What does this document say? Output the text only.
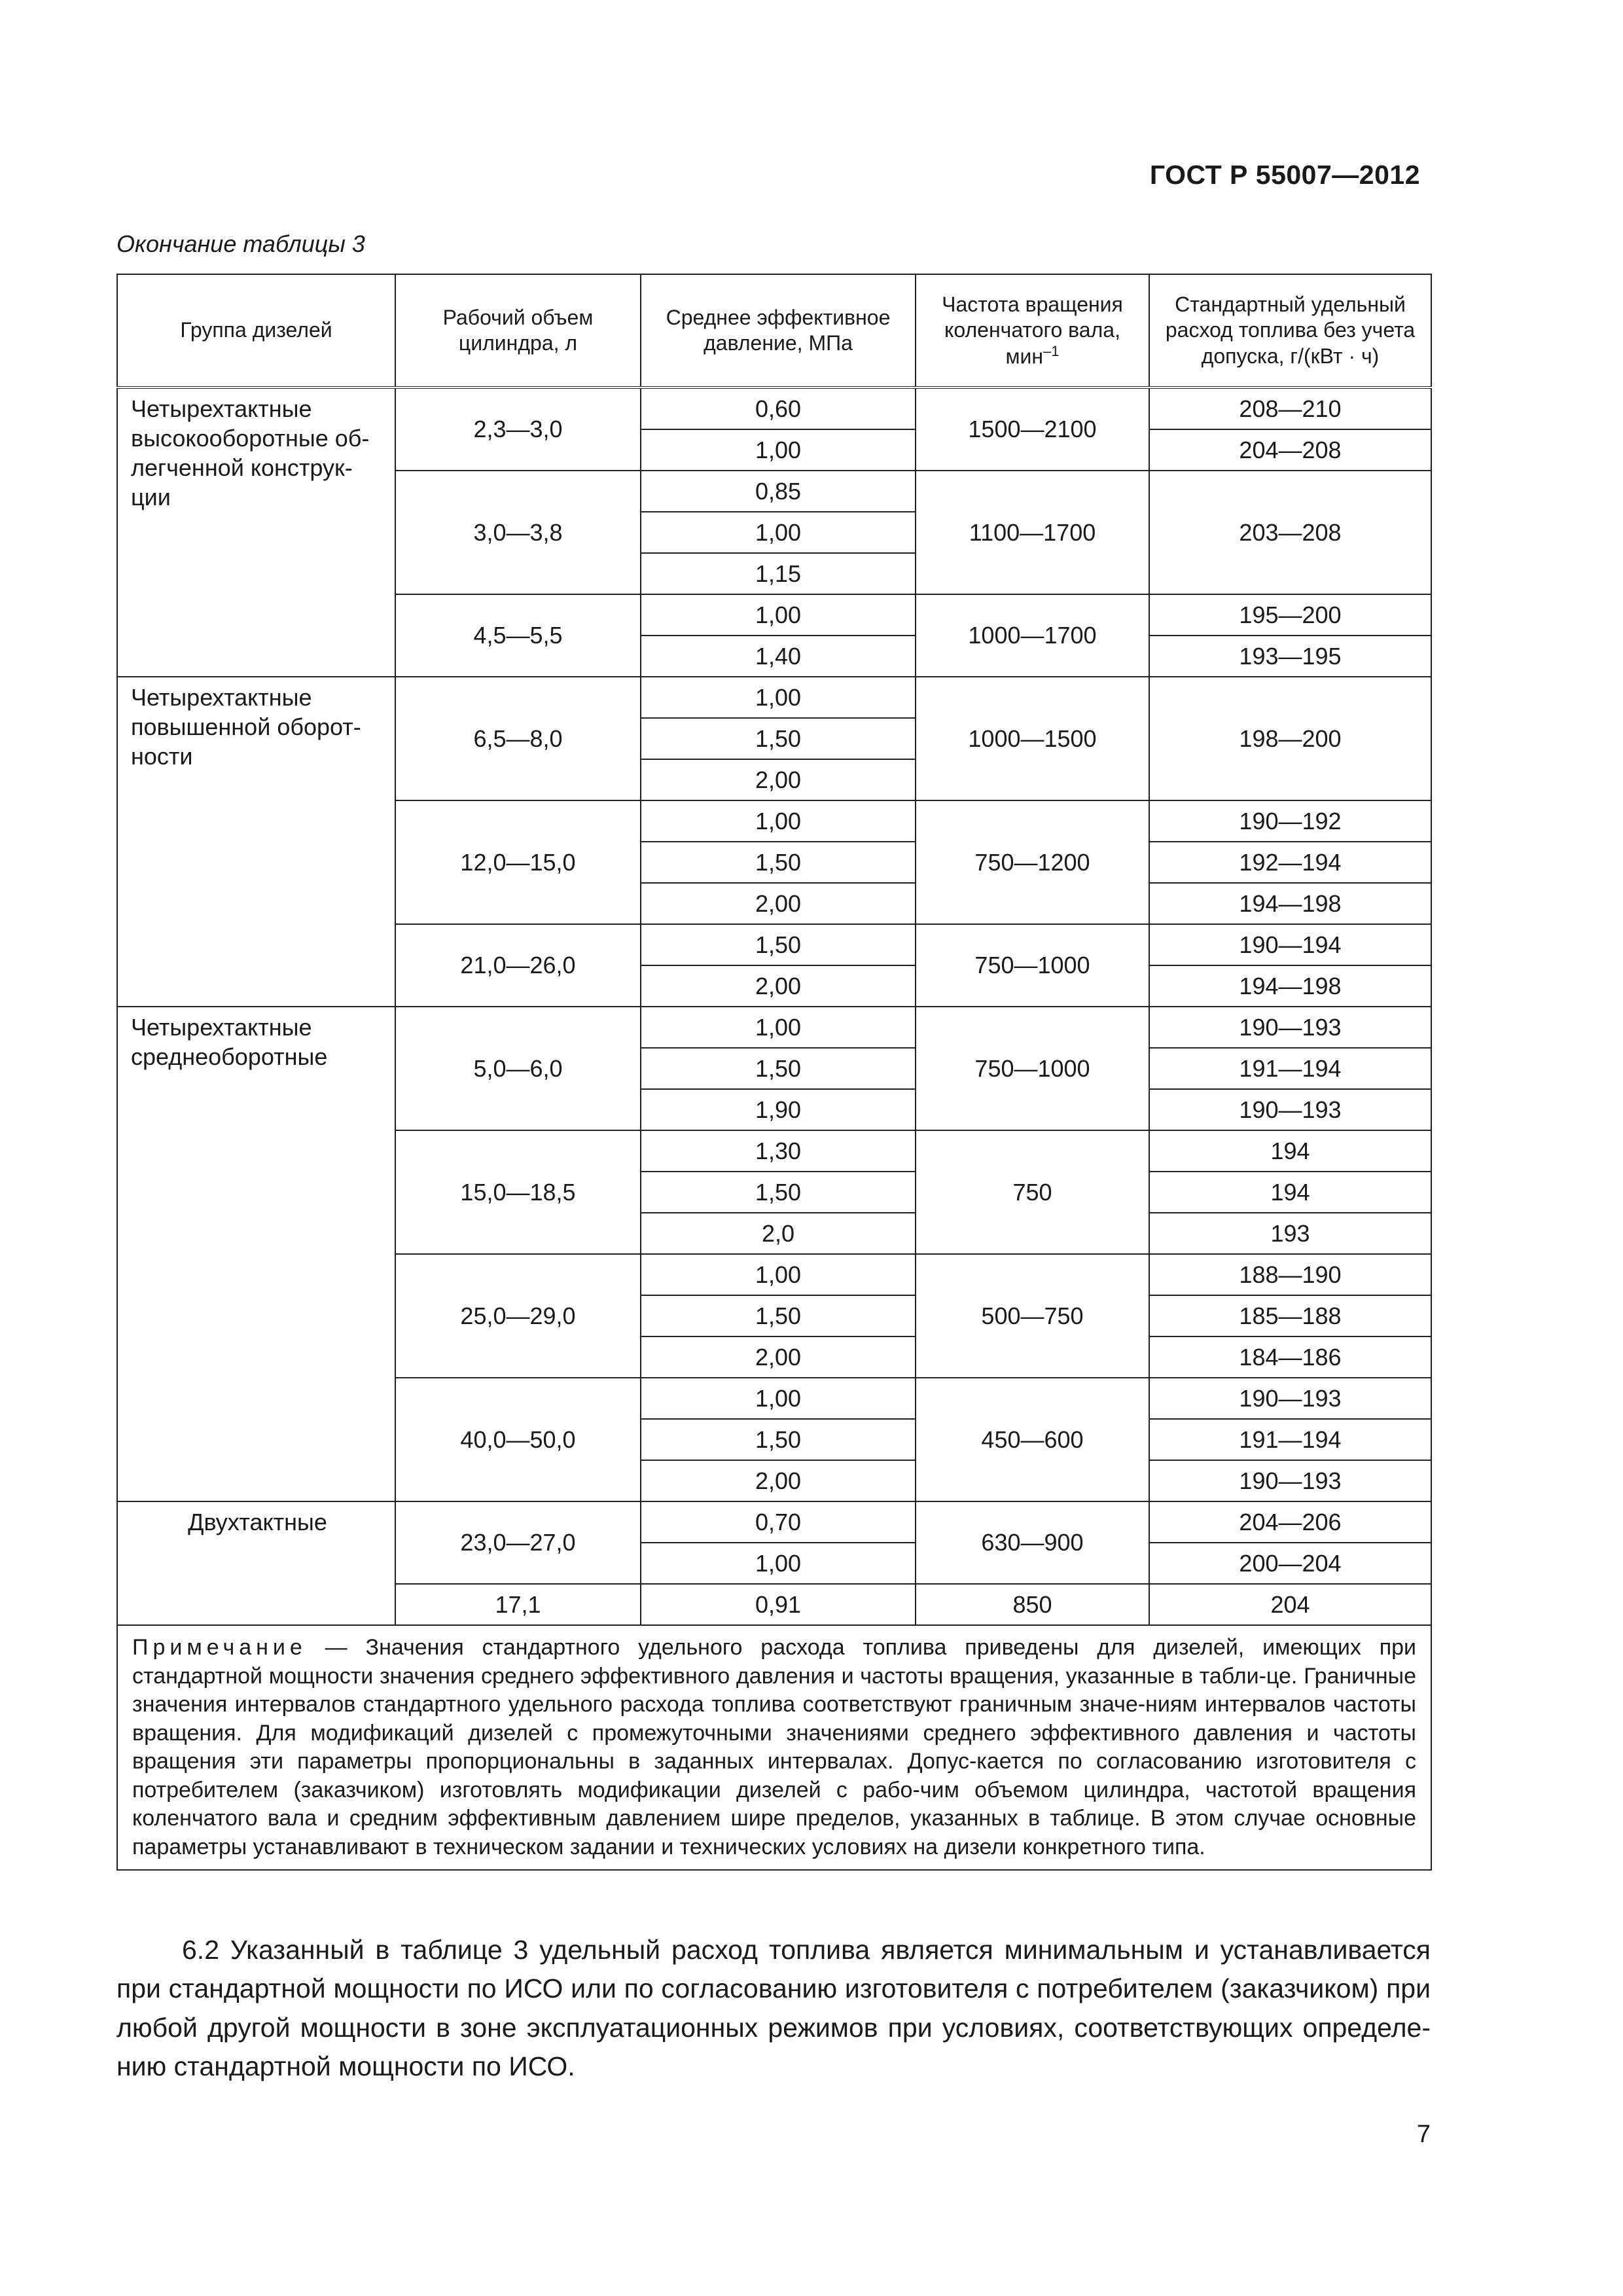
ГОСТ Р 55007—2012
Окончание таблицы 3
Группа дизелей	Рабочий объем цилиндра, л	Среднее эффективное давление, МПа	Частота вращения коленчатого вала, мин$^{-1}$	Стандартный удельный расход топлива без учета допуска, г/(кВт · ч)
Четырехтактные высокооборотные об-легченной конструк-ции	2,3—3,0	0,60	1500—2100	208—210
		1,00		204—208
	3,0—3,8	0,85	1100—1700	203—208
		1,00		
		1,15		
	4,5—5,5	1,00	1000—1700	195—200
		1,40		193—195
Четырехтактные повышенной оборот-ности	6,5—8,0	1,00	1000—1500	198—200
		1,50		
		2,00		
	12,0—15,0	1,00	750—1200	190—192
		1,50		192—194
		2,00		194—198
	21,0—26,0	1,50	750—1000	190—194
		2,00		194—198
Четырехтактные среднеоборотные	5,0—6,0	1,00	750—1000	190—193
		1,50		191—194
		1,90		190—193
	15,0—18,5	1,30	750	194
		1,50		194
		2,0		193
	25,0—29,0	1,00	500—750	188—190
		1,50		185—188
		2,00		184—186
	40,0—50,0	1,00	450—600	190—193
		1,50		191—194
		2,00		190—193
Двухтактные	23,0—27,0	0,70	630—900	204—206
		1,00		200—204
	17,1	0,91	850	204
Примечание — Значения стандартного удельного расхода топлива приведены для дизелей, имеющих при стандартной мощности значения среднего эффективного давления и частоты вращения, указанные в табли-це. Граничные значения интервалов стандартного удельного расхода топлива соответствуют граничным значе-ниям интервалов частоты вращения. Для модификаций дизелей с промежуточными значениями среднего эффективного давления и частоты вращения эти параметры пропорциональны в заданных интервалах. Допус-кается по согласованию изготовителя с потребителем (заказчиком) изготовлять модификации дизелей с рабо-чим объемом цилиндра, частотой вращения коленчатого вала и средним эффективным давлением шире пределов, указанных в таблице. В этом случае основные параметры устанавливают в техническом задании и технических условиях на дизели конкретного типа.				
6.2 Указанный в таблице 3 удельный расход топлива является минимальным и устанавливается при стандартной мощности по ИСО или по согласованию изготовителя с потребителем (заказчиком) при любой другой мощности в зоне эксплуатационных режимов при условиях, соответствующих определе-нию стандартной мощности по ИСО.
7
